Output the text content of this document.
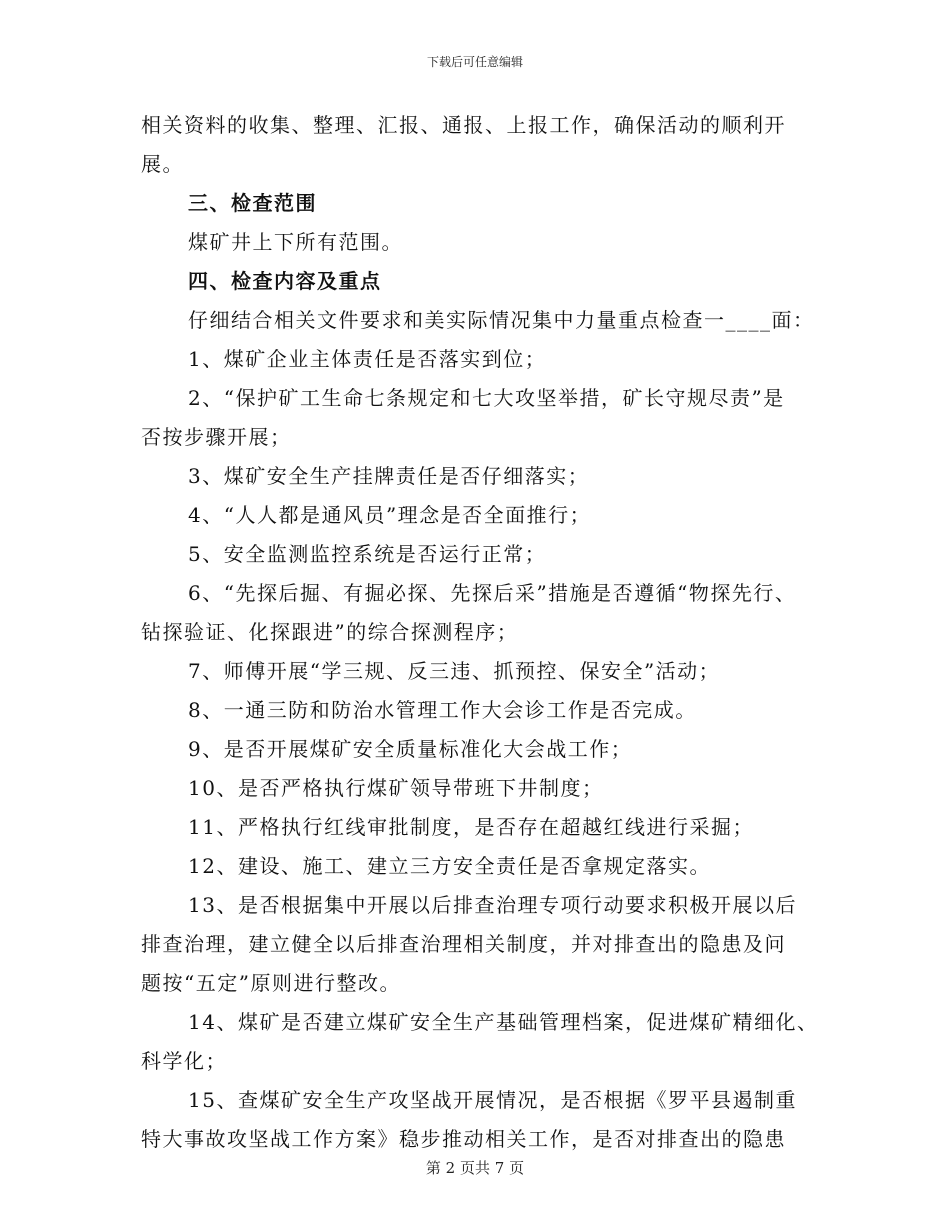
下载后可任意编辑
相关资料的收集、整理、汇报、通报、上报工作，确保活动的顺利开
展。
三、检查范围
煤矿井上下所有范围。
四、检查内容及重点
仔细结合相关文件要求和美实际情况集中力量重点检查一____面：
1、煤矿企业主体责任是否落实到位；
2、“保护矿工生命七条规定和七大攻坚举措，矿长守规尽责”是
否按步骤开展；
3、煤矿安全生产挂牌责任是否仔细落实；
4、“人人都是通风员”理念是否全面推行；
5、安全监测监控系统是否运行正常；
6、“先探后掘、有掘必探、先探后采”措施是否遵循“物探先行、
钻探验证、化探跟进”的综合探测程序；
7、师傅开展“学三规、反三违、抓预控、保安全”活动；
8、一通三防和防治水管理工作大会诊工作是否完成。
9、是否开展煤矿安全质量标准化大会战工作；
10、是否严格执行煤矿领导带班下井制度；
11、严格执行红线审批制度，是否存在超越红线进行采掘；
12、建设、施工、建立三方安全责任是否拿规定落实。
13、是否根据集中开展以后排查治理专项行动要求积极开展以后
排查治理，建立健全以后排查治理相关制度，并对排查出的隐患及问
题按“五定”原则进行整改。
14、煤矿是否建立煤矿安全生产基础管理档案，促进煤矿精细化、
科学化；
15、查煤矿安全生产攻坚战开展情况，是否根据《罗平县遏制重
特大事故攻坚战工作方案》稳步推动相关工作，是否对排查出的隐患
第 2 页共 7 页
